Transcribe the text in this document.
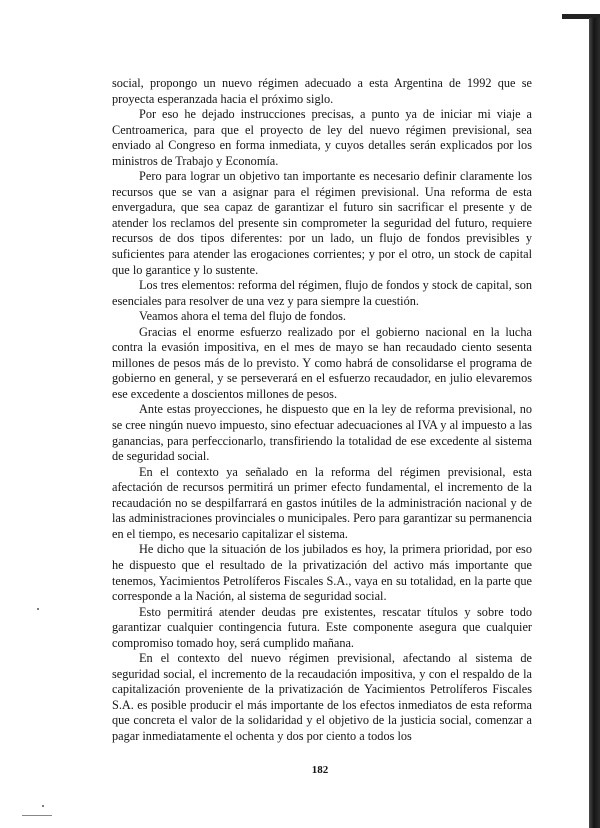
social, propongo un nuevo régimen adecuado a esta Argentina de 1992 que se proyecta esperanzada hacia el próximo siglo.

Por eso he dejado instrucciones precisas, a punto ya de iniciar mi viaje a Centroamerica, para que el proyecto de ley del nuevo régimen previsional, sea enviado al Congreso en forma inmediata, y cuyos detalles serán explicados por los ministros de Trabajo y Economía.

Pero para lograr un objetivo tan importante es necesario definir claramente los recursos que se van a asignar para el régimen previsional. Una reforma de esta envergadura, que sea capaz de garantizar el futuro sin sacrificar el presente y de atender los reclamos del presente sin comprometer la seguridad del futuro, requiere recursos de dos tipos diferentes: por un lado, un flujo de fondos previsibles y suficientes para atender las erogaciones corrientes; y por el otro, un stock de capital que lo garantice y lo sustente.

Los tres elementos: reforma del régimen, flujo de fondos y stock de capital, son esenciales para resolver de una vez y para siempre la cuestión.

Veamos ahora el tema del flujo de fondos.

Gracias el enorme esfuerzo realizado por el gobierno nacional en la lucha contra la evasión impositiva, en el mes de mayo se han recaudado ciento sesenta millones de pesos más de lo previsto. Y como habrá de consolidarse el programa de gobierno en general, y se perseverará en el esfuerzo recaudador, en julio elevaremos ese excedente a doscientos millones de pesos.

Ante estas proyecciones, he dispuesto que en la ley de reforma previsional, no se cree ningún nuevo impuesto, sino efectuar adecuaciones al IVA y al impuesto a las ganancias, para perfeccionarlo, transfiriendo la totalidad de ese excedente al sistema de seguridad social.

En el contexto ya señalado en la reforma del régimen previsional, esta afectación de recursos permitirá un primer efecto fundamental, el incremento de la recaudación no se despilfarrará en gastos inútiles de la administración nacional y de las administraciones provinciales o municipales. Pero para garantizar su permanencia en el tiempo, es necesario capitalizar el sistema.

He dicho que la situación de los jubilados es hoy, la primera prioridad, por eso he dispuesto que el resultado de la privatización del activo más importante que tenemos, Yacimientos Petrolíferos Fiscales S.A., vaya en su totalidad, en la parte que corresponde a la Nación, al sistema de seguridad social.

Esto permitirá atender deudas pre existentes, rescatar títulos y sobre todo garantizar cualquier contingencia futura. Este componente asegura que cualquier compromiso tomado hoy, será cumplido mañana.

En el contexto del nuevo régimen previsional, afectando al sistema de seguridad social, el incremento de la recaudación impositiva, y con el respaldo de la capitalización proveniente de la privatización de Yacimientos Petrolíferos Fiscales S.A. es posible producir el más importante de los efectos inmediatos de esta reforma que concreta el valor de la solidaridad y el objetivo de la justicia social, comenzar a pagar inmediatamente el ochenta y dos por ciento a todos los

182
